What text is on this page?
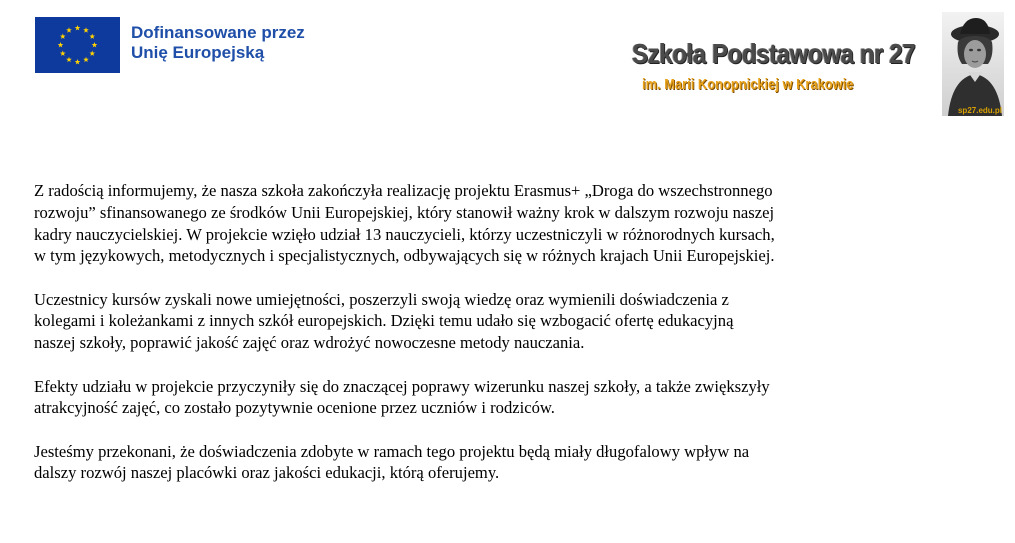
Dofinansowane przez
Unię Europejską	Szkoła Podstawowa nr 27
im. Marii Konopnickiej w Krakowie
sp27.edu.pl

Z radością informujemy, że nasza szkoła zakończyła realizację projektu Erasmus+ „Droga do wszechstronnego
rozwoju” sfinansowanego ze środków Unii Europejskiej, który stanowił ważny krok w dalszym rozwoju naszej
kadry nauczycielskiej. W projekcie wzięło udział 13 nauczycieli, którzy uczestniczyli w różnorodnych kursach,
w tym językowych, metodycznych i specjalistycznych, odbywających się w różnych krajach Unii Europejskiej.

Uczestnicy kursów zyskali nowe umiejętności, poszerzyli swoją wiedzę oraz wymienili doświadczenia z
kolegami i koleżankami z innych szkół europejskich. Dzięki temu udało się wzbogacić ofertę edukacyjną
naszej szkoły, poprawić jakość zajęć oraz wdrożyć nowoczesne metody nauczania.

Efekty udziału w projekcie przyczyniły się do znaczącej poprawy wizerunku naszej szkoły, a także zwiększyły
atrakcyjność zajęć, co zostało pozytywnie ocenione przez uczniów i rodziców.

Jesteśmy przekonani, że doświadczenia zdobyte w ramach tego projektu będą miały długofalowy wpływ na
dalszy rozwój naszej placówki oraz jakości edukacji, którą oferujemy.
